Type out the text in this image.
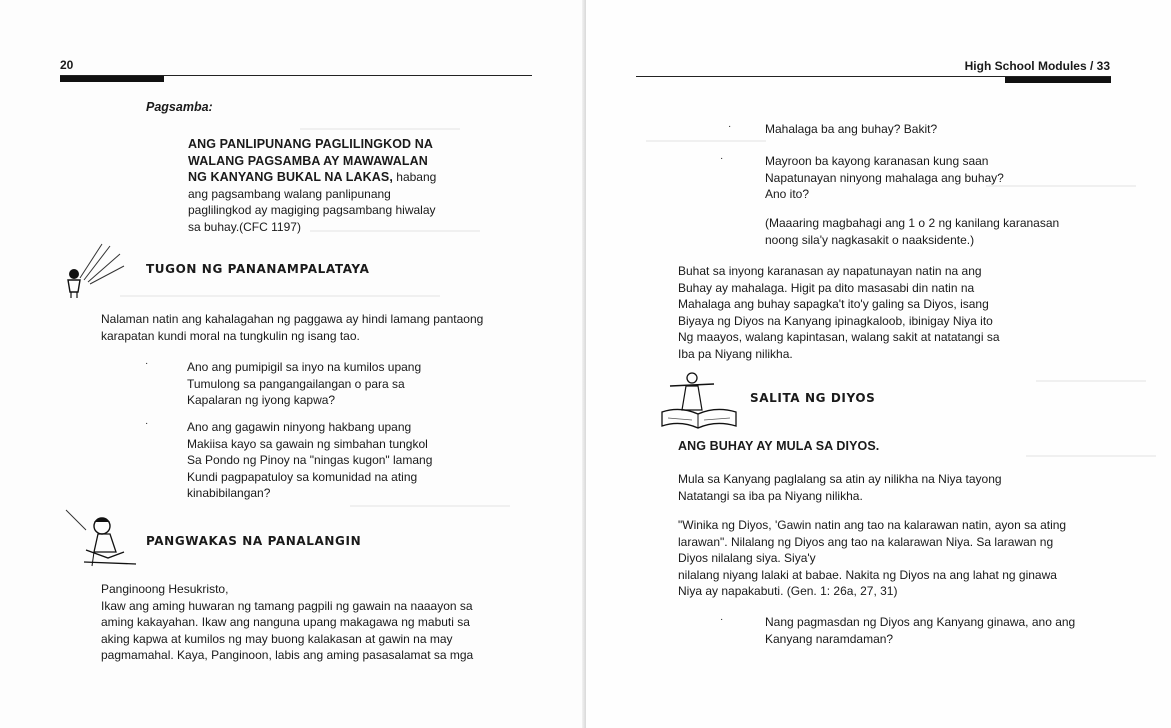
20
Pagsamba:
ANG PANLIPUNANG PAGLILINGKOD NA
WALANG PAGSAMBA AY MAWAWALAN
NG KANYANG BUKAL NA LAKAS, habang
ang pagsambang walang panlipunang
paglilingkod ay magiging pagsambang hiwalay
sa buhay.(CFC 1197)
TUGON NG PANANAMPALATAYA
Nalaman natin ang kahalagahan ng paggawa ay hindi lamang pantaong
karapatan kundi moral na tungkulin ng isang tao.
·	Ano ang pumipigil sa inyo na kumilos upang
Tumulong sa pangangailangan o para sa
Kapalaran ng iyong kapwa?
·	Ano ang gagawin ninyong hakbang upang
Makiisa kayo sa gawain ng simbahan tungkol
Sa Pondo ng Pinoy na "ningas kugon" lamang
Kundi pagpapatuloy sa komunidad na ating
kinabibilangan?
PANGWAKAS NA PANALANGIN
Panginoong Hesukristo,
Ikaw ang aming huwaran ng tamang pagpili ng gawain na naaayon sa
aming kakayahan. Ikaw ang nanguna upang makagawa ng mabuti sa
aking kapwa at kumilos ng may buong kalakasan at gawin na may
pagmamahal. Kaya, Panginoon, labis ang aming pasasalamat sa mga
High School Modules / 33
·	Mahalaga ba ang buhay? Bakit?
·	Mayroon ba kayong karanasan kung saan
Napatunayan ninyong mahalaga ang buhay?
Ano ito?
(Maaaring magbahagi ang 1 o 2 ng kanilang karanasan
noong sila'y nagkasakit o naaksidente.)
Buhat sa inyong karanasan ay napatunayan natin na ang
Buhay ay mahalaga. Higit pa dito masasabi din natin na
Mahalaga ang buhay sapagka't ito'y galing sa Diyos, isang
Biyaya ng Diyos na Kanyang ipinagkaloob, ibinigay Niya ito
Ng maayos, walang kapintasan, walang sakit at natatangi sa
Iba pa Niyang nilikha.
SALITA NG DIYOS
ANG BUHAY AY MULA SA DIYOS.
Mula sa Kanyang paglalang sa atin ay nilikha na Niya tayong
Natatangi sa iba pa Niyang nilikha.
"Winika ng Diyos, 'Gawin natin ang tao na kalarawan natin, ayon sa ating
larawan". Nilalang ng Diyos ang tao na kalarawan Niya. Sa larawan ng
Diyos nilalang siya. Siya'y
nilalang niyang lalaki at babae. Nakita ng Diyos na ang lahat ng ginawa
Niya ay napakabuti. (Gen. 1: 26a, 27, 31)
·	Nang pagmasdan ng Diyos ang Kanyang ginawa, ano ang
Kanyang naramdaman?
